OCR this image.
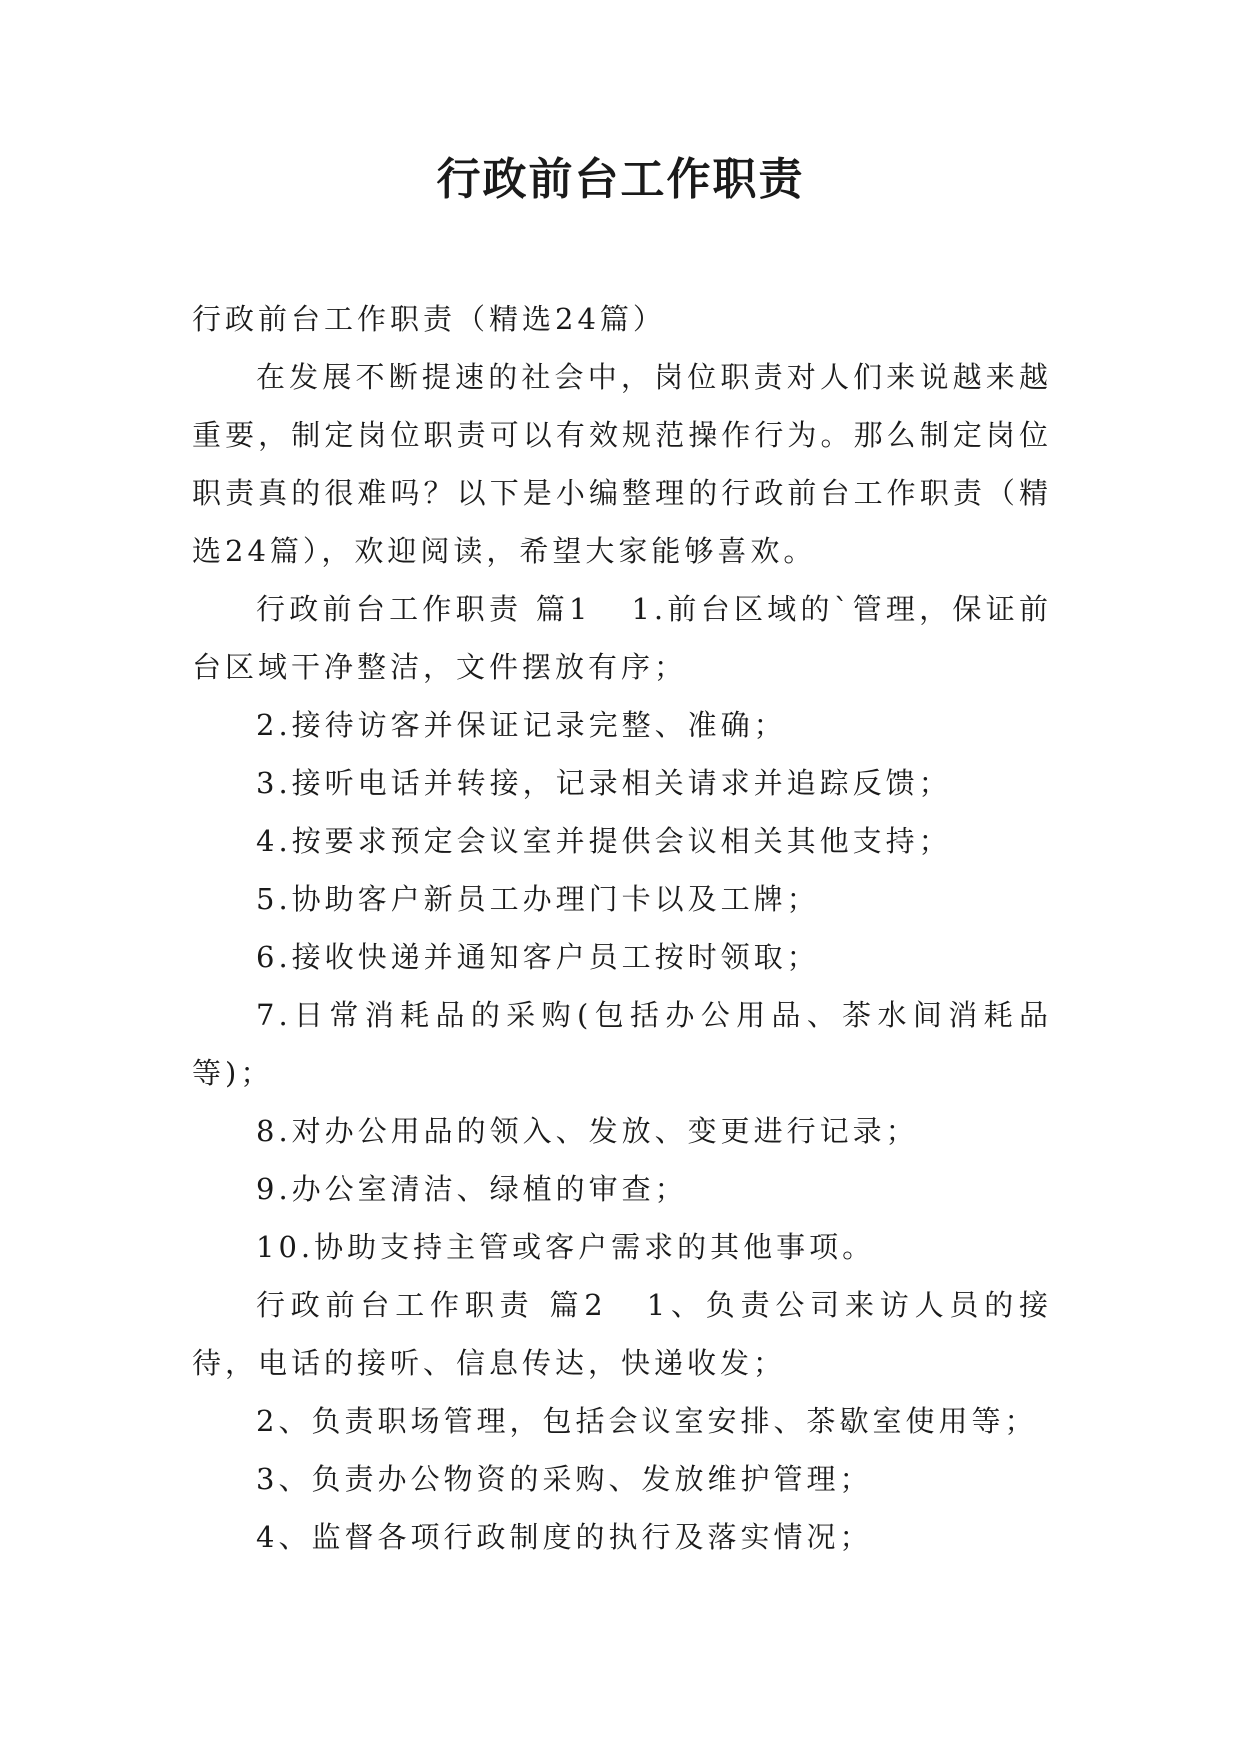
行政前台工作职责

行政前台工作职责（精选24篇）

在发展不断提速的社会中，岗位职责对人们来说越来越重要，制定岗位职责可以有效规范操作行为。那么制定岗位职责真的很难吗？以下是小编整理的行政前台工作职责（精选24篇），欢迎阅读，希望大家能够喜欢。

行政前台工作职责 篇1 1.前台区域的`管理，保证前台区域干净整洁，文件摆放有序；

2.接待访客并保证记录完整、准确；

3.接听电话并转接，记录相关请求并追踪反馈；

4.按要求预定会议室并提供会议相关其他支持；

5.协助客户新员工办理门卡以及工牌；

6.接收快递并通知客户员工按时领取；

7.日常消耗品的采购(包括办公用品、茶水间消耗品等)；

8.对办公用品的领入、发放、变更进行记录；

9.办公室清洁、绿植的审查；

10.协助支持主管或客户需求的其他事项。

行政前台工作职责 篇2 1、负责公司来访人员的接待，电话的接听、信息传达，快递收发；

2、负责职场管理，包括会议室安排、茶歇室使用等；

3、负责办公物资的采购、发放维护管理；

4、监督各项行政制度的执行及落实情况；
